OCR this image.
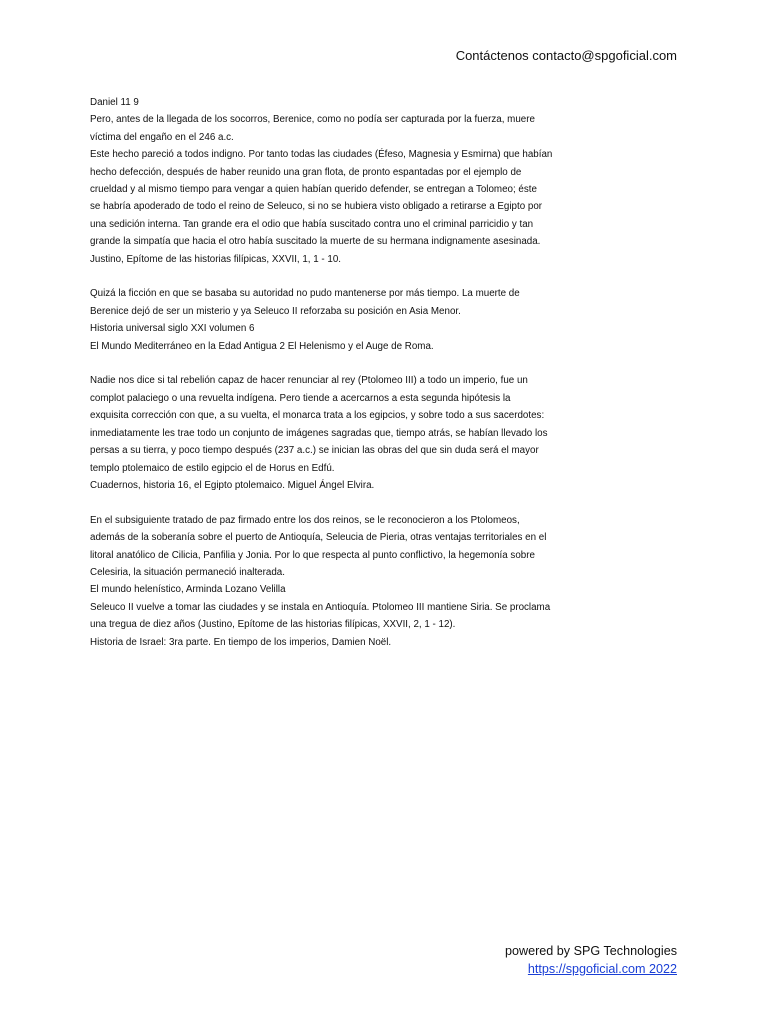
Contáctenos contacto@spgoficial.com

Daniel 11 9
Pero, antes de la llegada de los socorros, Berenice, como no podía ser capturada por la fuerza, muere
víctima del engaño en el 246 a.c.
Este hecho pareció a todos indigno. Por tanto todas las ciudades (Éfeso, Magnesia y Esmirna) que habían
hecho defección, después de haber reunido una gran flota, de pronto espantadas por el ejemplo de
crueldad y al mismo tiempo para vengar a quien habían querido defender, se entregan a Tolomeo; éste
se habría apoderado de todo el reino de Seleuco, si no se hubiera visto obligado a retirarse a Egipto por
una sedición interna. Tan grande era el odio que había suscitado contra uno el criminal parricidio y tan
grande la simpatía que hacia el otro había suscitado la muerte de su hermana indignamente asesinada.
Justino, Epítome de las historias filípicas, XXVII, 1, 1 - 10.

Quizá la ficción en que se basaba su autoridad no pudo mantenerse por más tiempo. La muerte de
Berenice dejó de ser un misterio y ya Seleuco II reforzaba su posición en Asia Menor.
Historia universal siglo XXI volumen 6
El Mundo Mediterráneo en la Edad Antigua 2 El Helenismo y el Auge de Roma.

Nadie nos dice si tal rebelión capaz de hacer renunciar al rey (Ptolomeo III) a todo un imperio, fue un
complot palaciego o una revuelta indígena. Pero tiende a acercarnos a esta segunda hipótesis la
exquisita corrección con que, a su vuelta, el monarca trata a los egipcios, y sobre todo a sus sacerdotes:
inmediatamente les trae todo un conjunto de imágenes sagradas que, tiempo atrás, se habían llevado los
persas a su tierra, y poco tiempo después (237 a.c.) se inician las obras del que sin duda será el mayor
templo ptolemaico de estilo egipcio el de Horus en Edfú.
Cuadernos, historia 16, el Egipto ptolemaico. Miguel Ángel Elvira.

En el subsiguiente tratado de paz firmado entre los dos reinos, se le reconocieron a los Ptolomeos,
además de la soberanía sobre el puerto de Antioquía, Seleucia de Pieria, otras ventajas territoriales en el
litoral anatólico de Cilicia, Panfilia y Jonia. Por lo que respecta al punto conflictivo, la hegemonía sobre
Celesiria, la situación permaneció inalterada.
El mundo helenístico, Arminda Lozano Velilla
Seleuco II vuelve a tomar las ciudades y se instala en Antioquía. Ptolomeo III mantiene Siria. Se proclama
una tregua de diez años (Justino, Epítome de las historias filípicas, XXVII, 2, 1 - 12).
Historia de Israel: 3ra parte. En tiempo de los imperios, Damien Noël.

powered by SPG Technologies
https://spgoficial.com 2022
